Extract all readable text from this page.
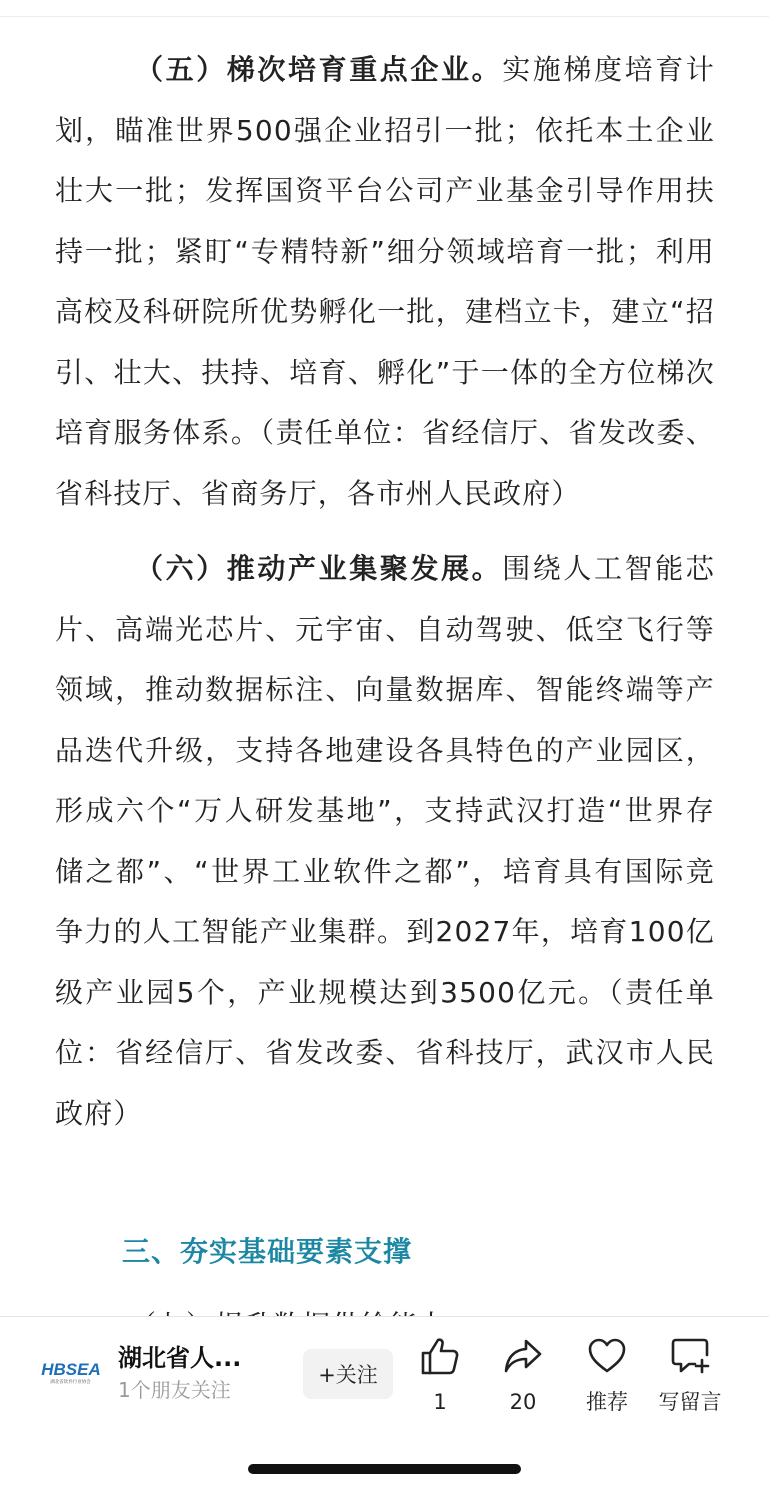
（五）梯次培育重点企业。实施梯度培育计划，瞄准世界500强企业招引一批；依托本土企业壮大一批；发挥国资平台公司产业基金引导作用扶持一批；紧盯“专精特新”细分领域培育一批；利用高校及科研院所优势孵化一批，建档立卡，建立“招引、壮大、扶持、培育、孵化”于一体的全方位梯次培育服务体系。（责任单位：省经信厅、省发改委、省科技厅、省商务厅，各市州人民政府）

（六）推动产业集聚发展。围绕人工智能芯片、高端光芯片、元宇宙、自动驾驶、低空飞行等领域，推动数据标注、向量数据库、智能终端等产品迭代升级，支持各地建设各具特色的产业园区，形成六个“万人研发基地”，支持武汉打造“世界存储之都”、“世界工业软件之都”，培育具有国际竞争力的人工智能产业集群。到2027年，培育100亿级产业园5个，产业规模达到3500亿元。（责任单位：省经信厅、省发改委、省科技厅，武汉市人民政府）

三、夯实基础要素支撑
HBSEA
湖北省软件行业协会
湖北省人...
1个朋友关注
+关注
1	20 推荐 写留言
